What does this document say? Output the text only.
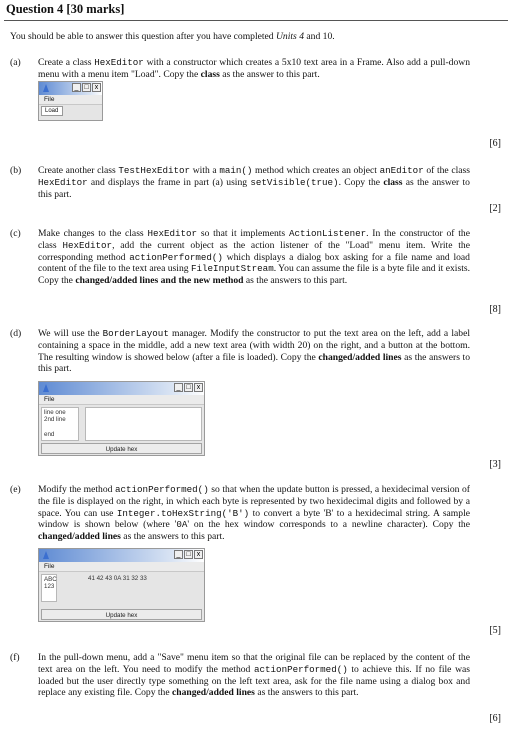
Question 4 [30 marks]
You should be able to answer this question after you have completed Units 4 and 10.
(a) Create a class HexEditor with a constructor which creates a 5x10 text area in a Frame. Also add a pull-down menu with a menu item "Load". Copy the class as the answer to this part.
_ □ x
File
Load
[6]
(b) Create another class TestHexEditor with a main() method which creates an object anEditor of the class HexEditor and displays the frame in part (a) using setVisible(true). Copy the class as the answer to this part.
[2]
(c) Make changes to the class HexEditor so that it implements ActionListener. In the constructor of the class HexEditor, add the current object as the action listener of the "Load" menu item. Write the corresponding method actionPerformed() which displays a dialog box asking for a file name and load content of the file to the text area using FileInputStream. You can assume the file is a byte file and it exists. Copy the changed/added lines and the new method as the answers to this part.
[8]
(d) We will use the BorderLayout manager. Modify the constructor to put the text area on the left, add a label containing a space in the middle, add a new text area (with width 20) on the right, and a button at the bottom. The resulting window is showed below (after a file is loaded). Copy the changed/added lines as the answers to this part.
_ □ x
File
line one
2nd line

end
Update hex
[3]
(e) Modify the method actionPerformed() so that when the update button is pressed, a hexidecimal version of the file is displayed on the right, in which each byte is represented by two hexidecimal digits and followed by a space. You can use Integer.toHexString('B') to convert a byte 'B' to a hexidecimal string. A sample window is shown below (where '0A' on the hex window corresponds to a newline character). Copy the changed/added lines as the answers to this part.
_ □ x
File
ABC
123
41 42 43 0A 31 32 33
Update hex
[5]
(f) In the pull-down menu, add a "Save" menu item so that the original file can be replaced by the content of the text area on the left. You need to modify the method actionPerformed() to achieve this. If no file was loaded but the user directly type something on the left text area, ask for the file name using a dialog box and replace any existing file. Copy the changed/added lines as the answers to this part.
[6]
